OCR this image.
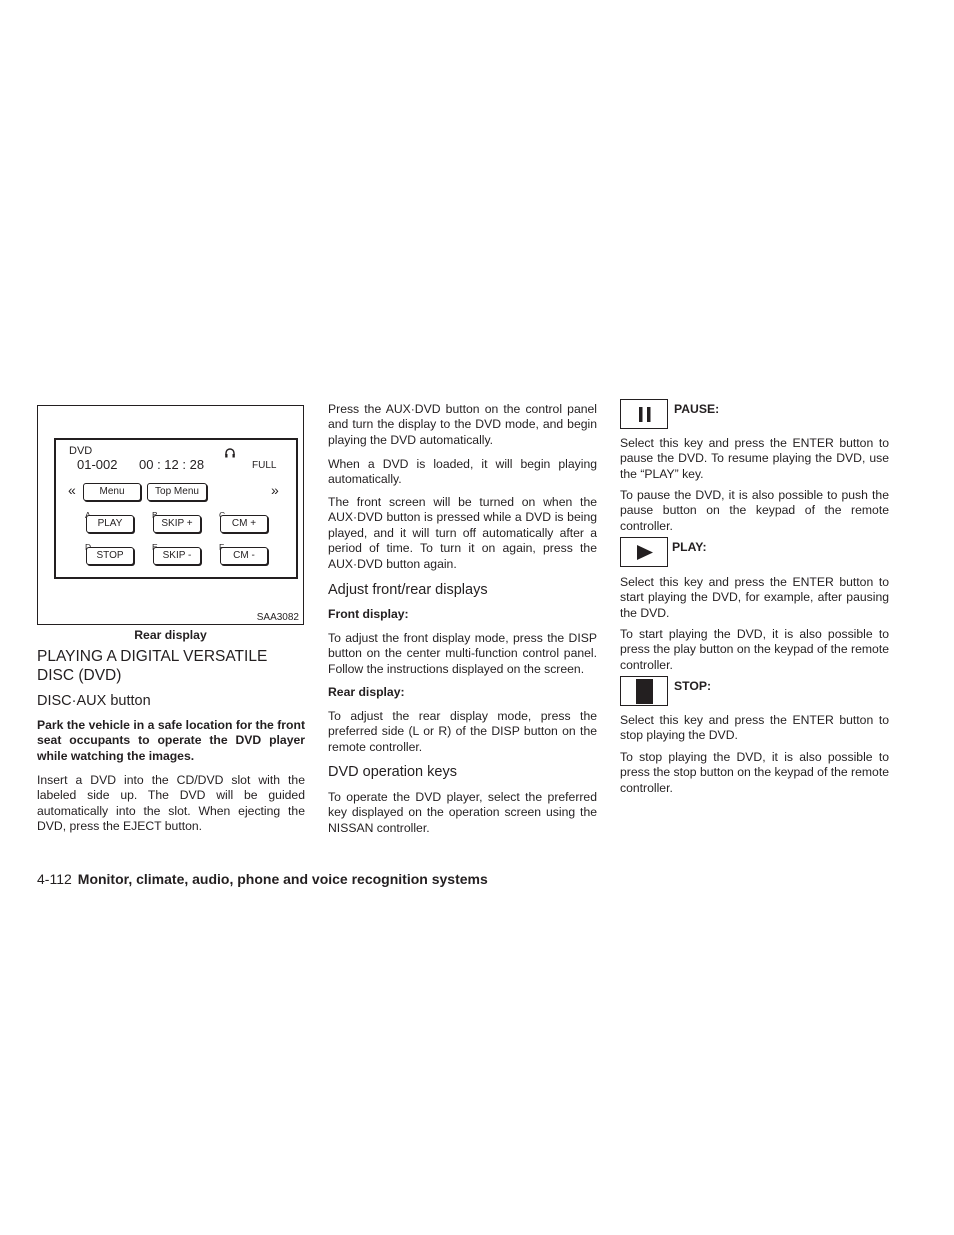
DVD
01-002 00 : 12 : 28	FULL
«	Menu	Top Menu	»
PLAY	SKIP +	CM +
STOP	SKIP -	CM -
SAA3082

Rear display

PLAYING A DIGITAL VERSATILE DISC (DVD)
DISC·AUX button

Park the vehicle in a safe location for the front seat occupants to operate the DVD player while watching the images.

Insert a DVD into the CD/DVD slot with the labeled side up. The DVD will be guided automatically into the slot. When ejecting the DVD, press the EJECT button.

Press the AUX·DVD button on the control panel and turn the display to the DVD mode, and begin playing the DVD automatically.

When a DVD is loaded, it will begin playing automatically.

The front screen will be turned on when the AUX·DVD button is pressed while a DVD is being played, and it will turn off automatically after a period of time. To turn it on again, press the AUX·DVD button again.

Adjust front/rear displays

Front display:

To adjust the front display mode, press the DISP button on the center multi-function control panel. Follow the instructions displayed on the screen.

Rear display:

To adjust the rear display mode, press the preferred side (L or R) of the DISP button on the remote controller.

DVD operation keys

To operate the DVD player, select the preferred key displayed on the operation screen using the NISSAN controller.

PAUSE:

Select this key and press the ENTER button to pause the DVD. To resume playing the DVD, use the “PLAY” key.

To pause the DVD, it is also possible to push the pause button on the keypad of the remote controller.

PLAY:

Select this key and press the ENTER button to start playing the DVD, for example, after pausing the DVD.

To start playing the DVD, it is also possible to press the play button on the keypad of the remote controller.

STOP:

Select this key and press the ENTER button to stop playing the DVD.

To stop playing the DVD, it is also possible to press the stop button on the keypad of the remote controller.

4-112 Monitor, climate, audio, phone and voice recognition systems
